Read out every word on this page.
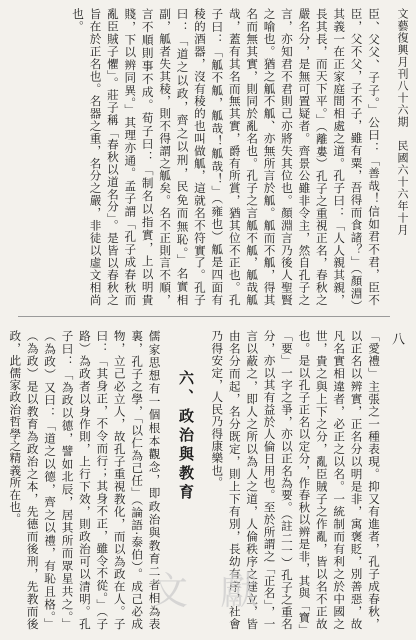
文藝復興月刊八十六期　民國六十六年十月
八
臣、父父、子子。」公曰：「善哉！信如君不君，臣不臣，父不父，子不子，雖有粟，吾得而食諸？」（顏淵）其義一在正家庭間相處之道。孔子曰：「人人親其親，長其長，而天下平。」（離婁）孔子之重視正名，春秋之嚴名分，是無可置疑者。齊景公雖非令主，然自孔子之言，亦知君不君則己亦將失其位也。顏淵言乃後人聖賢之喻也。猶之觚不觚、亦無所言於觚。觚而不觚，得其名而無其實，則同於亂名也。孔子之言觚不觚，觚哉觚哉，蓋有其名而無其實，爵有所賞，猶其位不正也。孔子曰：「觚不觚，觚哉！觚哉！」（雍也）觚是四面有稜的酒器，沒有稜的也叫做觚，這就名不符實了。孔子曰：「道之以政，齊之以刑，民免而無恥。」名實相副，觚者失其稜，則不得謂之觚矣。名不正則言不順，言不順則事不成。荀子曰：「制名以指實，上以明貴賤，下以辨同異。」其理亦通。孟子謂「孔子成春秋而亂臣賊子懼」。莊子稱「春秋以道名分」。是皆以春秋之旨在於正名也。名器之重，名分之嚴，非徒以虛文相尚也。
「愛禮」主張之一種表現。抑又有進者，孔子成春秋，以正名以辨實，正名分以明是非，寓褒貶，別善惡，故凡名實相違者，必正之以名。一統制而有利之於中國之世，貴之與上下之分，亂臣賊子之作亂，皆以名不正故也。是以孔子正名以定分，作春秋以辨是非，其與「寶」「要」一字之爭，亦以正名為要。（註二一）孔子之重名分，亦以其有益於人倫日用也。至於所謂之「正名」，一言以蔽之，即人之所以為人之道，人倫秩序之建立，皆由名分而起，名分既定，則上下有別，長幼有序，社會乃得安定，人民乃得康樂也。
六、政治與教育
儒家思想有一個根本觀念，即政治與教育二者相為表裏，孔子之學，「以仁為己任」（論語·泰伯）。成己必成物，立己必立人，故孔子重視教化，而以為政在人。子曰：「其身正，不令而行；其身不正，雖令不從。」（子路）為政者以身作則，上行下效，則政治可以清明。孔子曰：「為政以德，譬如北辰，居其所而眾星共之。」（為政）又曰：「道之以德，齊之以禮，有恥且格。」（為政）是以教育為政治之本，先德而後刑，先教而後政，此儒家政治哲學之精義所在也。
文 獻
